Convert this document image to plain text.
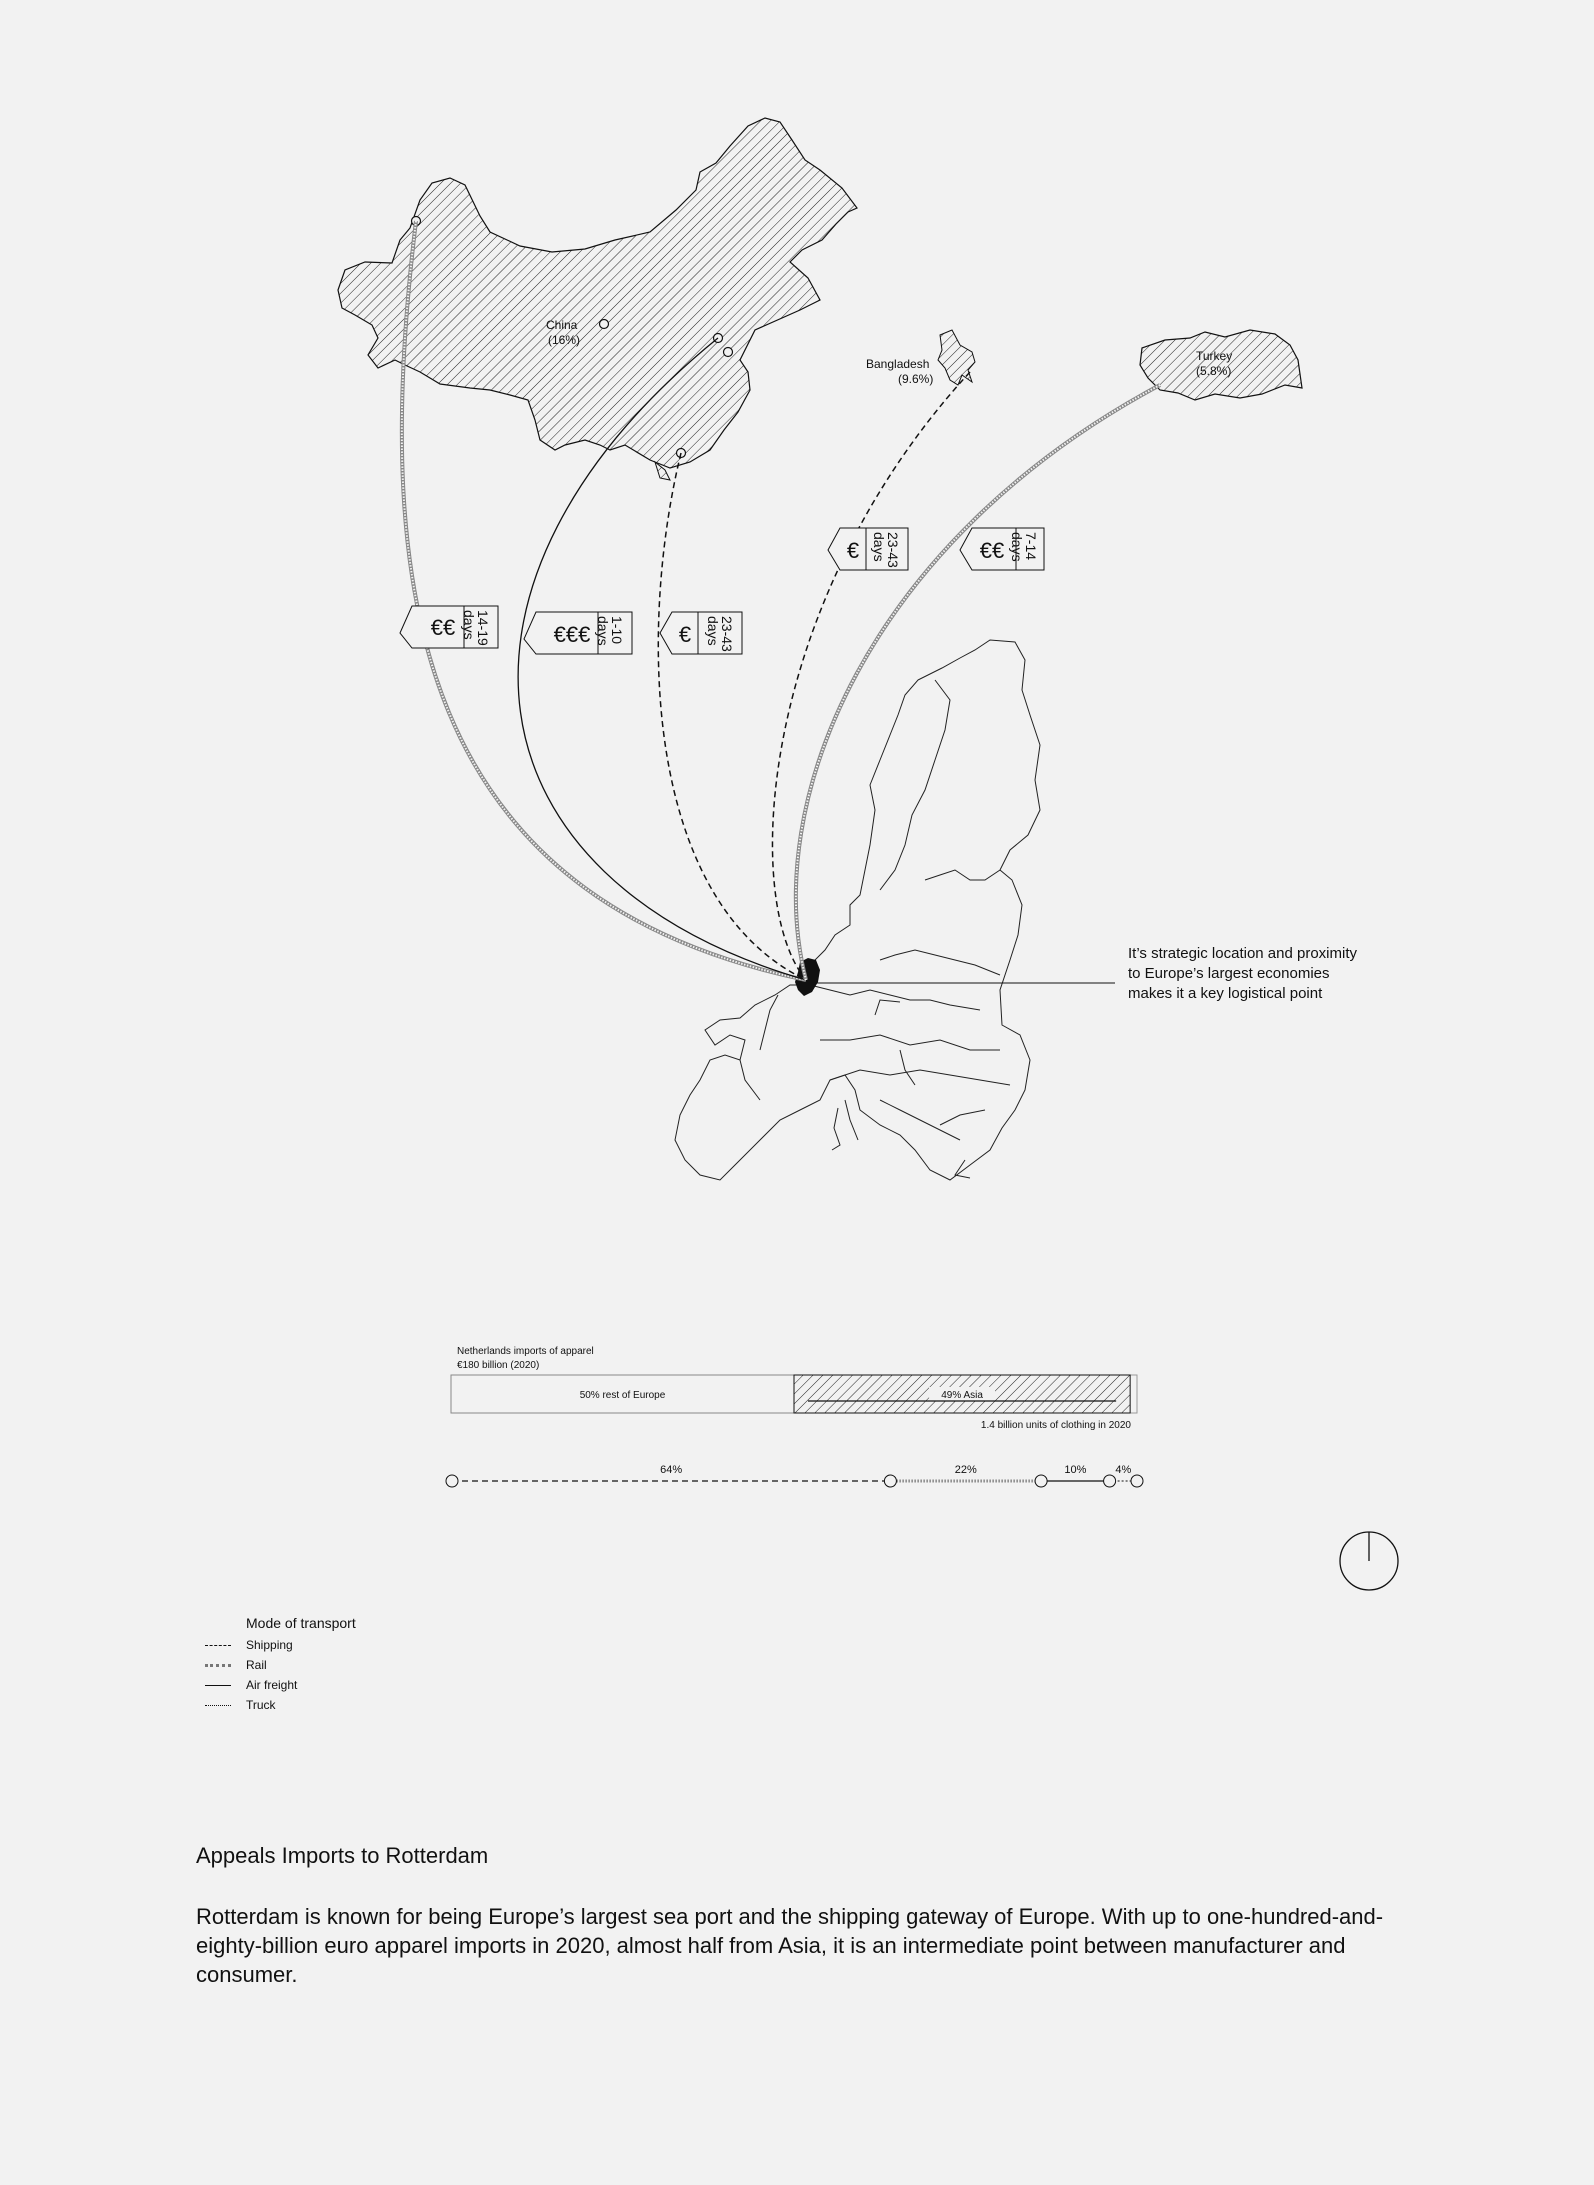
China
(16%)
Bangladesh
(9.6%)
Turkey
(5.8%)
€€ 14-19
days	€€€ 1-10
days	€ 23-43
days
€ 23-43
days	€€ 7-14
days
Netherlands imports of apparel
€180 billion (2020)
50% rest of Europe	49% Asia
1.4 billion units of clothing in 2020
64%	22%	10%	4%
It’s strategic location and proximity to Europe’s largest economies makes it a key logistical point
Mode of transport
Shipping
Rail
Air freight
Truck
Appeals Imports to Rotterdam
Rotterdam is known for being Europe’s largest sea port and the shipping gateway of Europe. With up to one-hundred-and-eighty-billion euro apparel imports in 2020, almost half from Asia, it is an intermediate point between manufacturer and consumer.
